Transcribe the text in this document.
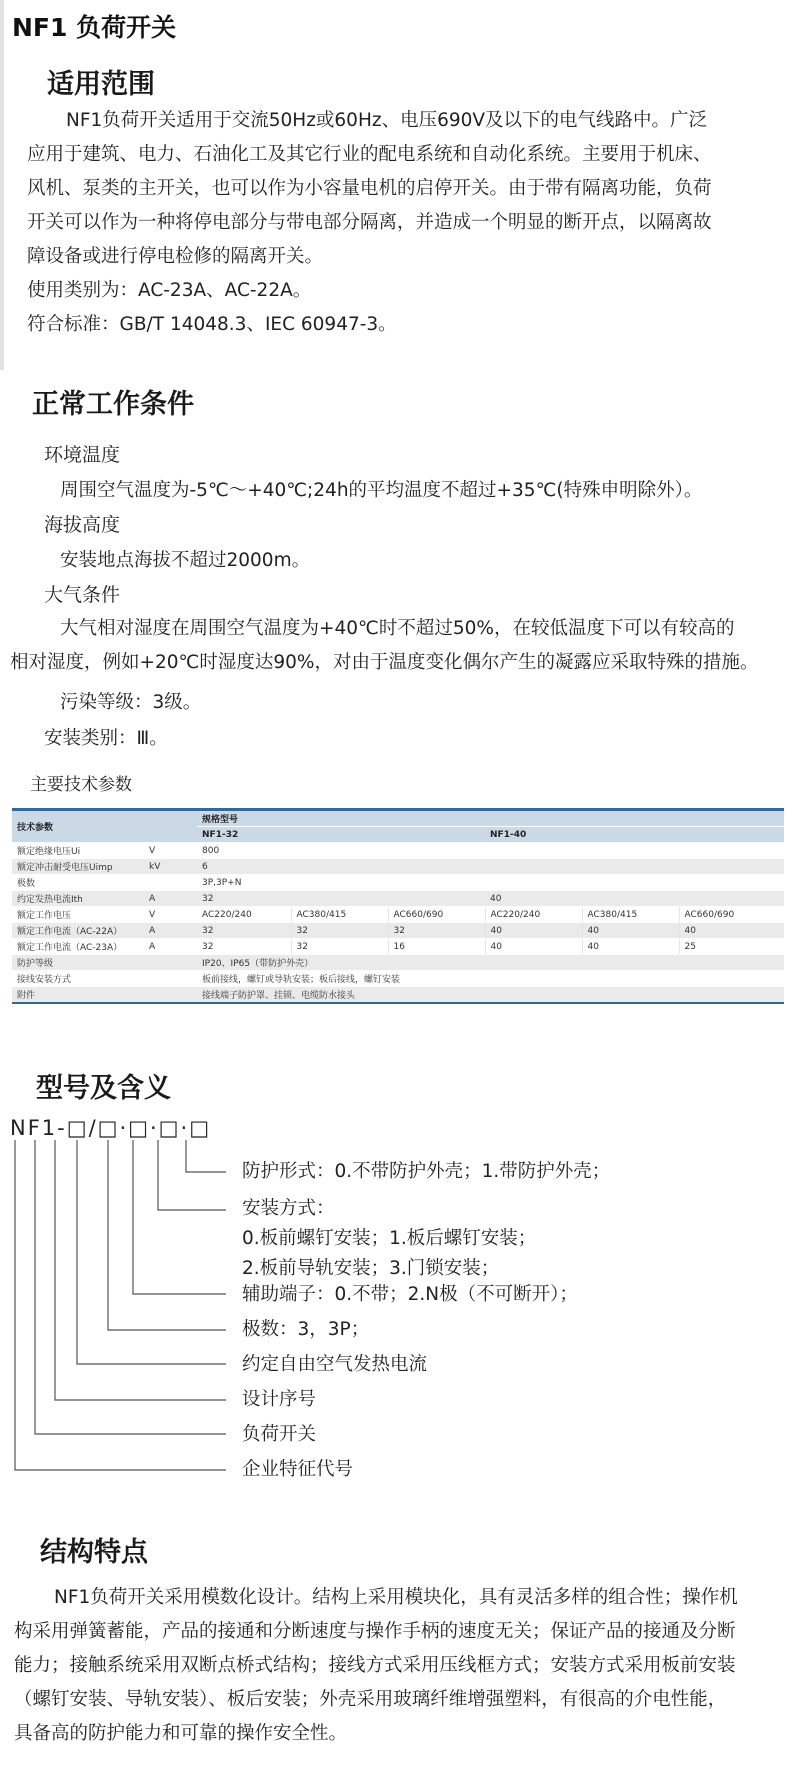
NF1 负荷开关
适用范围
NF1负荷开关适用于交流50Hz或60Hz、电压690V及以下的电气线路中。广泛
应用于建筑、电力、石油化工及其它行业的配电系统和自动化系统。主要用于机床、
风机、泵类的主开关，也可以作为小容量电机的启停开关。由于带有隔离功能，负荷
开关可以作为一种将停电部分与带电部分隔离，并造成一个明显的断开点，以隔离故
障设备或进行停电检修的隔离开关。
使用类别为：AC-23A、AC-22A。
符合标准：GB/T 14048.3、IEC 60947-3。
正常工作条件

环境温度

周围空气温度为-5℃～+40℃;24h的平均温度不超过+35℃(特殊申明除外）。

海拔高度

安装地点海拔不超过2000m。

大气条件

大气相对湿度在周围空气温度为+40℃时不超过50%，在较低温度下可以有较高的
相对湿度，例如+20℃时湿度达90%，对由于温度变化偶尔产生的凝露应采取特殊的措施。

污染等级：3级。

安装类别：Ⅲ。

主要技术参数

技术参数		规格型号					
		NF1-32			NF1-40		
额定绝缘电压Ui	V	800					
额定冲击耐受电压Uimp	kV	6					
极数		3P,3P+N					
约定发热电流Ith	A	32			40		
额定工作电压	V	AC220/240	AC380/415	AC660/690	AC220/240	AC380/415	AC660/690
额定工作电流（AC-22A）	A	32	32	32	40	40	40
额定工作电流（AC-23A）	A	32	32	16	40	40	25
防护等级		IP20、IP65（带防护外壳）					
接线安装方式		板前接线，螺钉或导轨安装；板后接线，螺钉安装					
附件		接线端子防护罩、挂锁、电缆防水接头					
型号及含义

NF1-□/□·□·□·□

防护形式：0.不带防护外壳；1.带防护外壳；

安装方式：
0.板前螺钉安装；1.板后螺钉安装；
2.板前导轨安装；3.门锁安装；

辅助端子：0.不带；2.N极（不可断开）；

极数：3，3P；

约定自由空气发热电流

设计序号

负荷开关

企业特征代号

结构特点
NF1负荷开关采用模数化设计。结构上采用模块化，具有灵活多样的组合性；操作机
构采用弹簧蓄能，产品的接通和分断速度与操作手柄的速度无关；保证产品的接通及分断
能力；接触系统采用双断点桥式结构；接线方式采用压线框方式；安装方式采用板前安装
（螺钉安装、导轨安装）、板后安装；外壳采用玻璃纤维增强塑料，有很高的介电性能，
具备高的防护能力和可靠的操作安全性。
